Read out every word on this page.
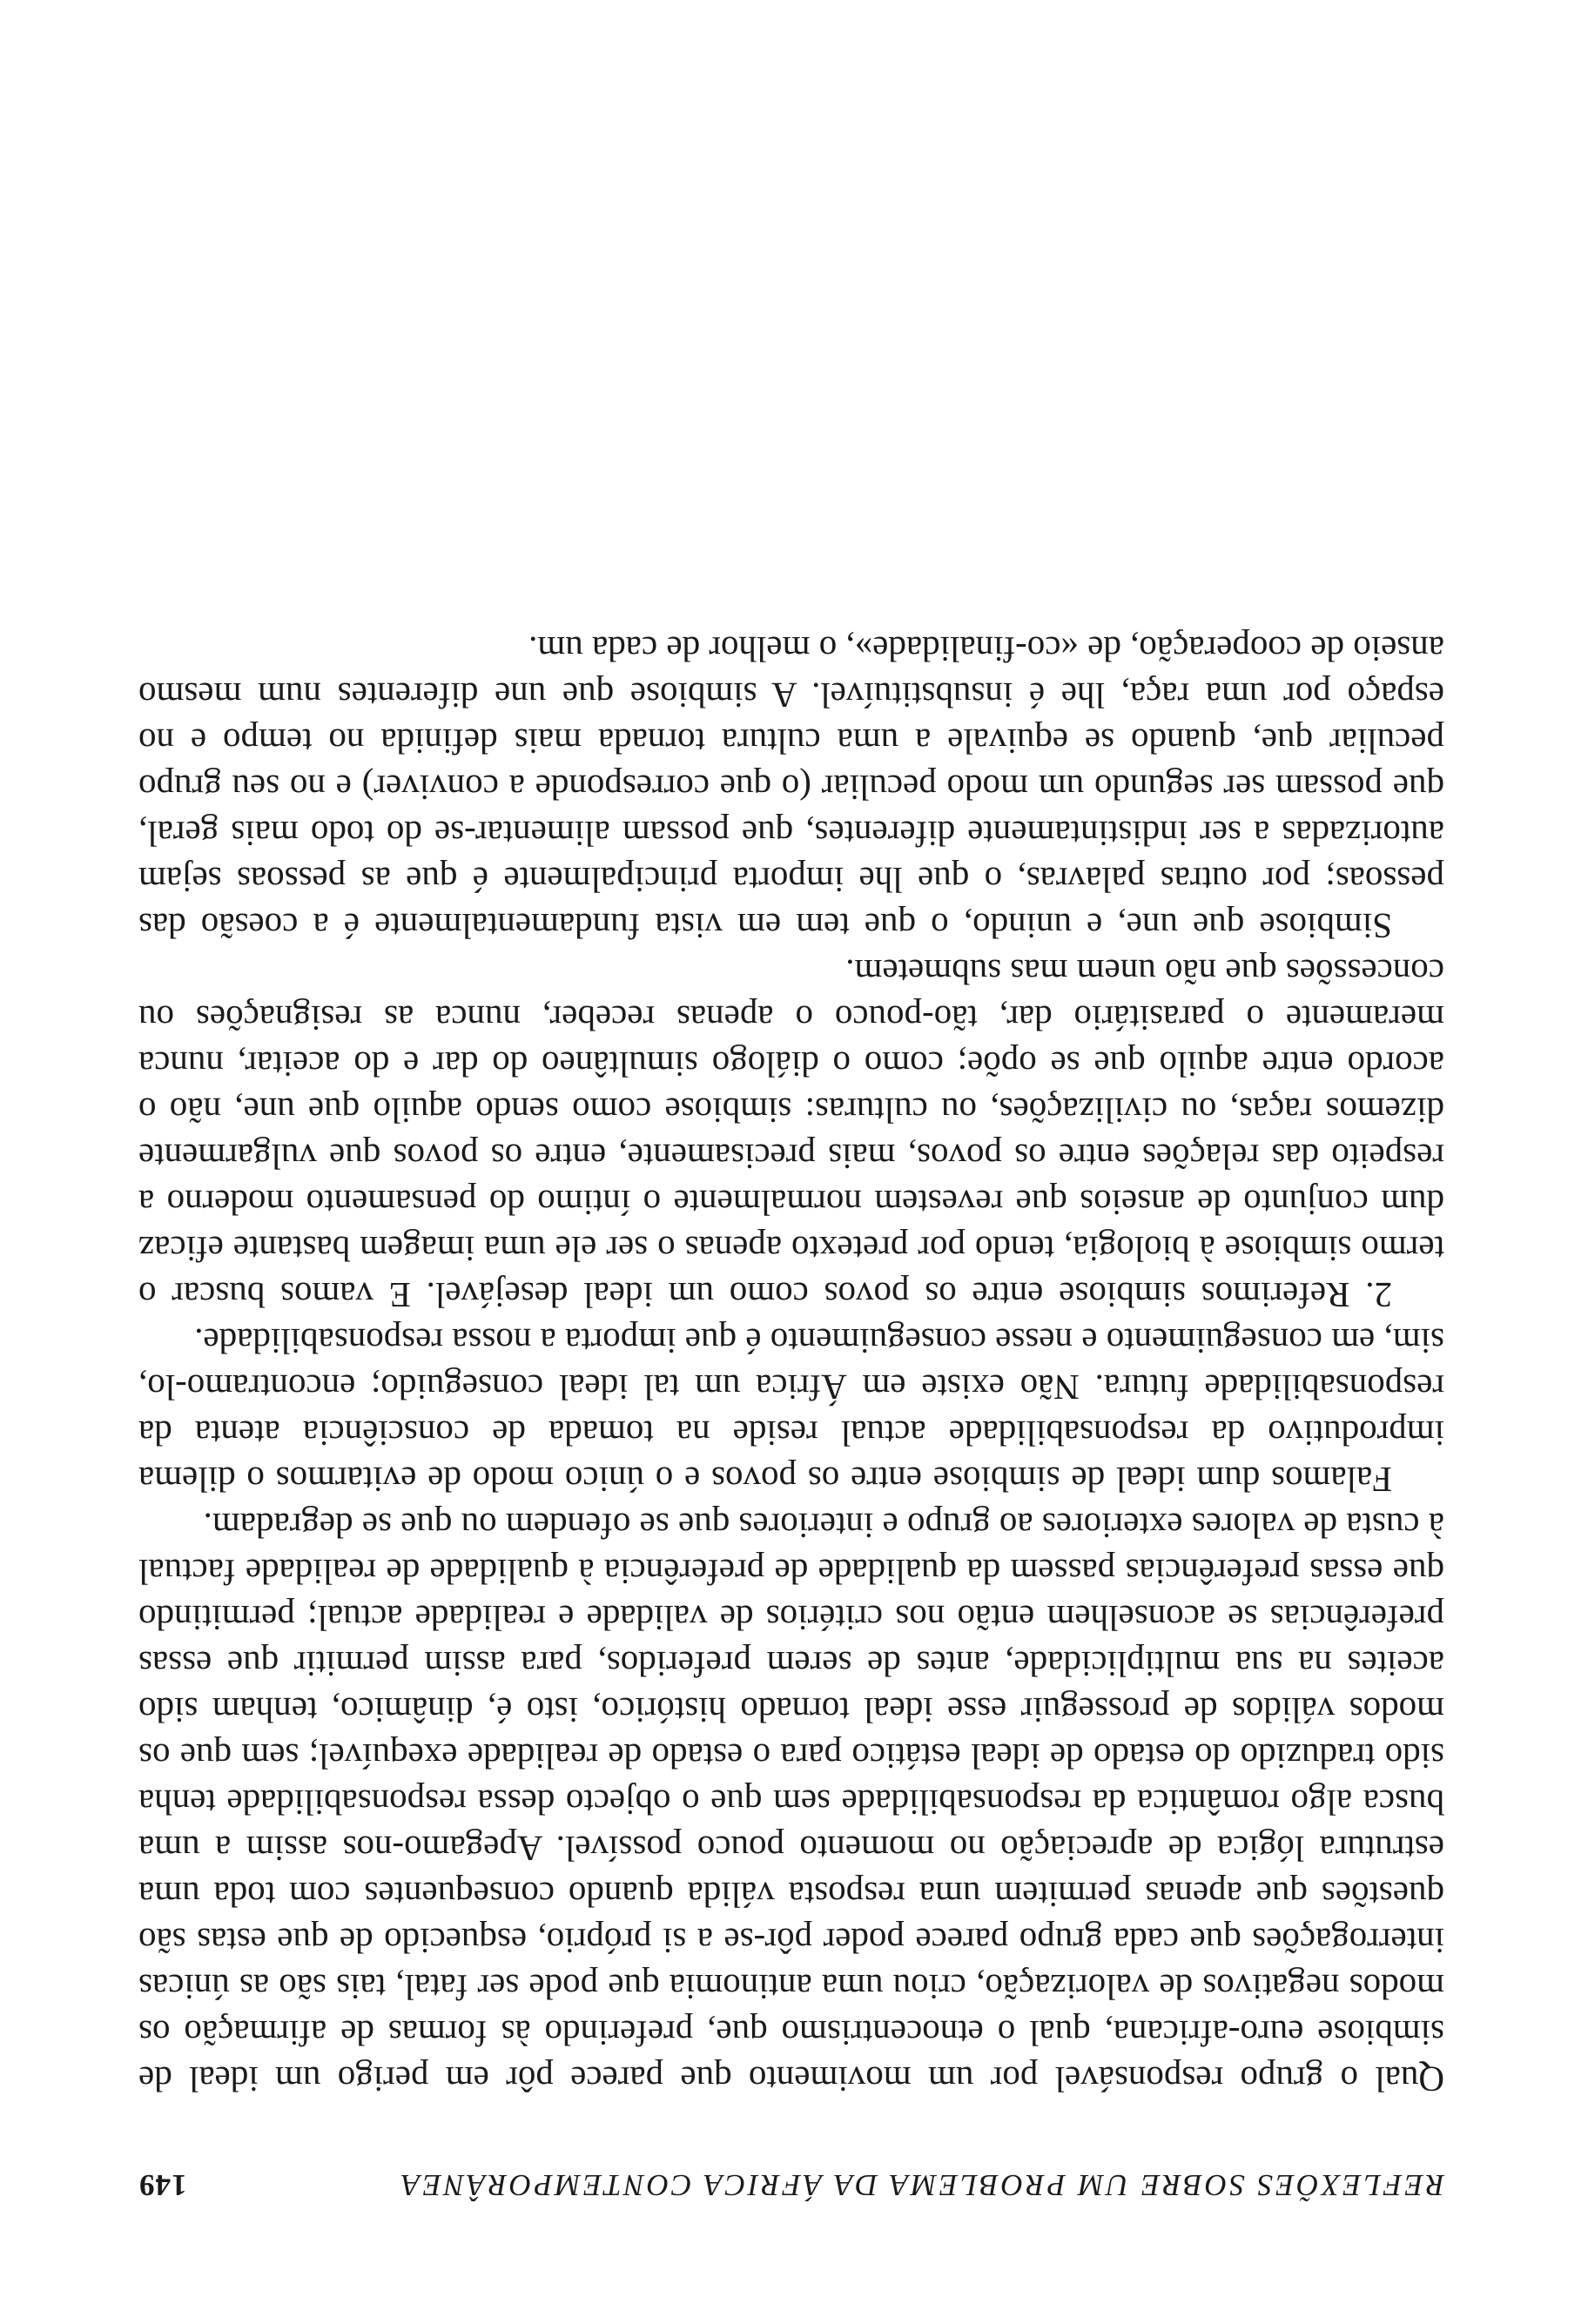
REFLEXÕES SOBRE UM PROBLEMA DA ÁFRICA CONTEMPORÂNEA
149

Qual o grupo responsável por um movimento que parece pôr em perigo um ideal de simbiose euro-africana, qual o etnocentrismo que, preferindo às formas de afirmação os modos negativos de valorização, criou uma antinomia que pode ser fatal, tais são as únicas interrogações que cada grupo parece poder pôr-se a si próprio, esquecido de que estas são questões que apenas permitem uma resposta válida quando consequentes com toda uma estrutura lógica de apreciação no momento pouco possível. Apegamo-nos assim a uma busca algo romântica da responsabilidade sem que o objecto dessa responsabilidade tenha sido traduzido do estado de ideal estático para o estado de realidade exequível; sem que os modos válidos de prosseguir esse ideal tornado histórico, isto é, dinâmico, tenham sido aceites na sua multiplicidade, antes de serem preferidos, para assim permitir que essas preferências se aconselhem então nos critérios de validade e realidade actual; permitindo que essas preferências passem da qualidade de preferência à qualidade de realidade factual à custa de valores exteriores ao grupo e interiores que se ofendem ou que se degradam.

Falamos dum ideal de simbiose entre os povos e o único modo de evitarmos o dilema improdutivo da responsabilidade actual reside na tomada de consciência atenta da responsabilidade futura. Não existe em África um tal ideal conseguido; encontramo-lo, sim, em conseguimento e nesse conseguimento é que importa a nossa responsabilidade.

2. Referimos simbiose entre os povos como um ideal desejável. E vamos buscar o termo simbiose à biologia, tendo por pretexto apenas o ser ele uma imagem bastante eficaz dum conjunto de anseios que revestem normalmente o íntimo do pensamento moderno a respeito das relações entre os povos, mais precisamente, entre os povos que vulgarmente dizemos raças, ou civilizações, ou culturas: simbiose como sendo aquilo que une, não o acordo entre aquilo que se opõe; como o diálogo simultâneo do dar e do aceitar, nunca meramente o parasitário dar, tão-pouco o apenas receber, nunca as resignações ou concessões que não unem mas submetem.

Simbiose que une, e unindo, o que tem em vista fundamentalmente é a coesão das pessoas; por outras palavras, o que lhe importa principalmente é que as pessoas sejam autorizadas a ser indistintamente diferentes, que possam alimentar-se do todo mais geral, que possam ser segundo um modo peculiar (o que corresponde a conviver) e no seu grupo peculiar que, quando se equivale a uma cultura tornada mais definida no tempo e no espaço por uma raça, lhe é insubstituível. A simbiose que une diferentes num mesmo anseio de cooperação, de «co-finalidade», o melhor de cada um.
